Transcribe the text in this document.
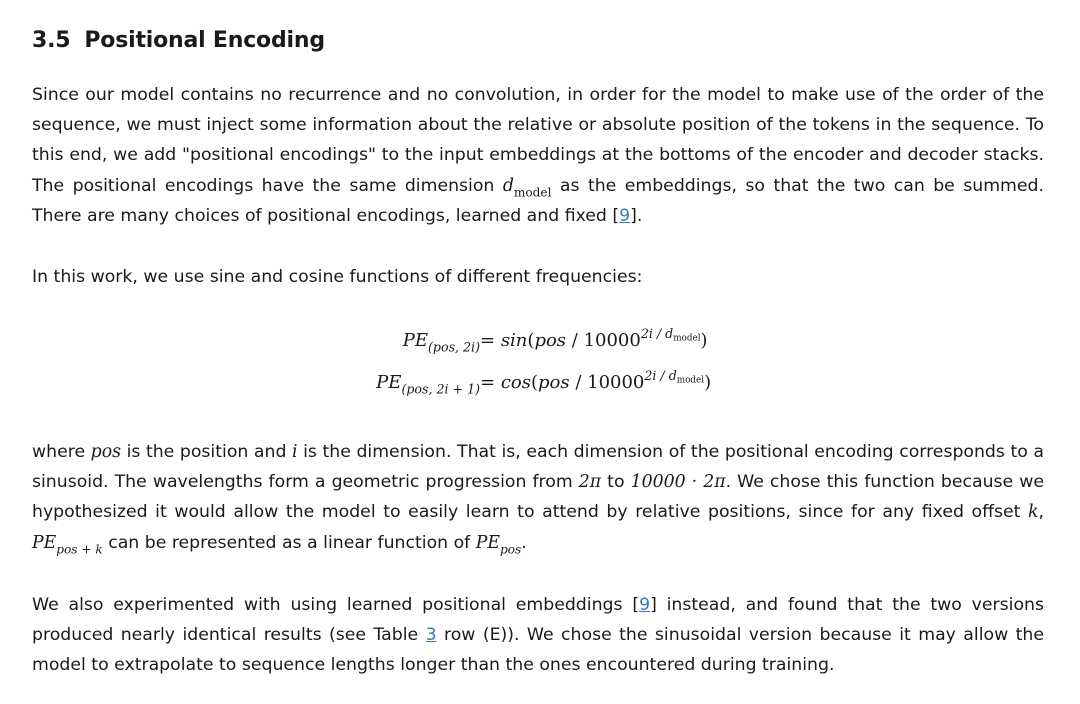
3.5 Positional Encoding

Since our model contains no recurrence and no convolution, in order for the model to make use of the order of the sequence, we must inject some information about the relative or absolute position of the tokens in the sequence. To this end, we add "positional encodings" to the input embeddings at the bottoms of the encoder and decoder stacks. The positional encodings have the same dimension $d_{model}$ as the embeddings, so that the two can be summed. There are many choices of positional encodings, learned and fixed [9].

In this work, we use sine and cosine functions of different frequencies:

$PE_{(pos, 2i)} = \sin(pos / 10000^{2i / d_{model}})$
$PE_{(pos, 2i + 1)} = \cos(pos / 10000^{2i / d_{model}})$

where pos is the position and i is the dimension. That is, each dimension of the positional encoding corresponds to a sinusoid. The wavelengths form a geometric progression from 2π to 10000 · 2π. We chose this function because we hypothesized it would allow the model to easily learn to attend by relative positions, since for any fixed offset k, $PE_{pos + k}$ can be represented as a linear function of $PE_{pos}$.

We also experimented with using learned positional embeddings [9] instead, and found that the two versions produced nearly identical results (see Table 3 row (E)). We chose the sinusoidal version because it may allow the model to extrapolate to sequence lengths longer than the ones encountered during training.
